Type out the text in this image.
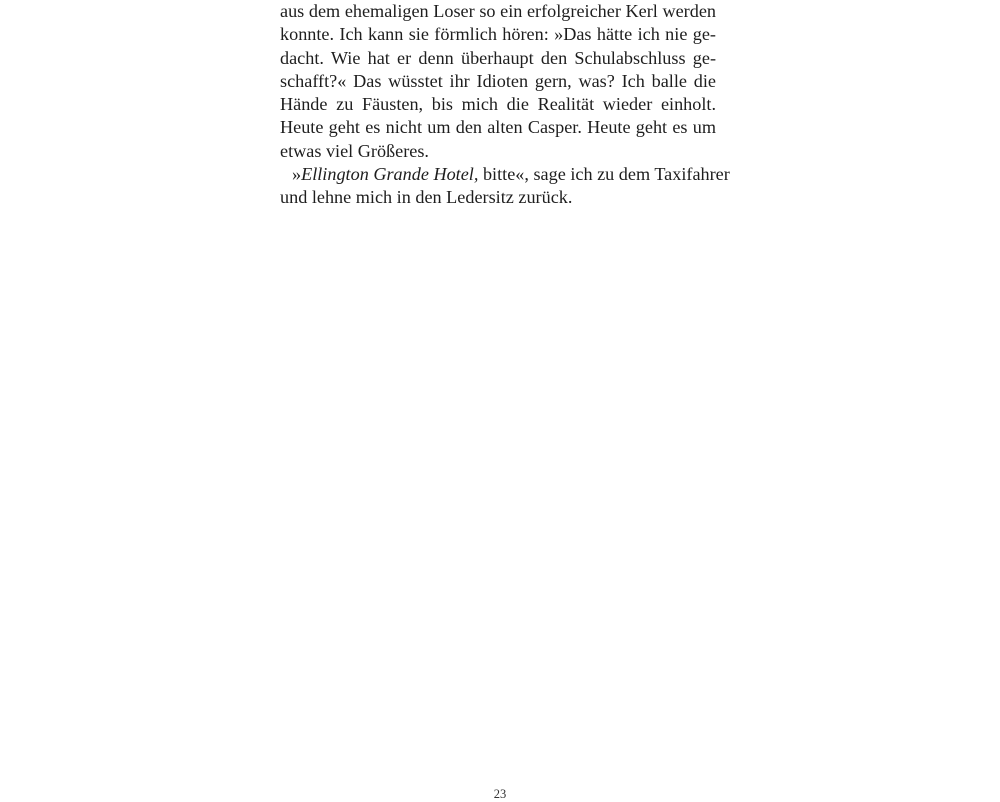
aus dem ehemaligen Loser so ein erfolgreicher Kerl werden
konnte. Ich kann sie förmlich hören: »Das hätte ich nie ge-
dacht. Wie hat er denn überhaupt den Schulabschluss ge-
schafft?« Das wüsstet ihr Idioten gern, was? Ich balle die
Hände zu Fäusten, bis mich die Realität wieder einholt.
Heute geht es nicht um den alten Casper. Heute geht es um
etwas viel Größeres.
»Ellington Grande Hotel, bitte«, sage ich zu dem Taxifahrer
und lehne mich in den Ledersitz zurück.
23
